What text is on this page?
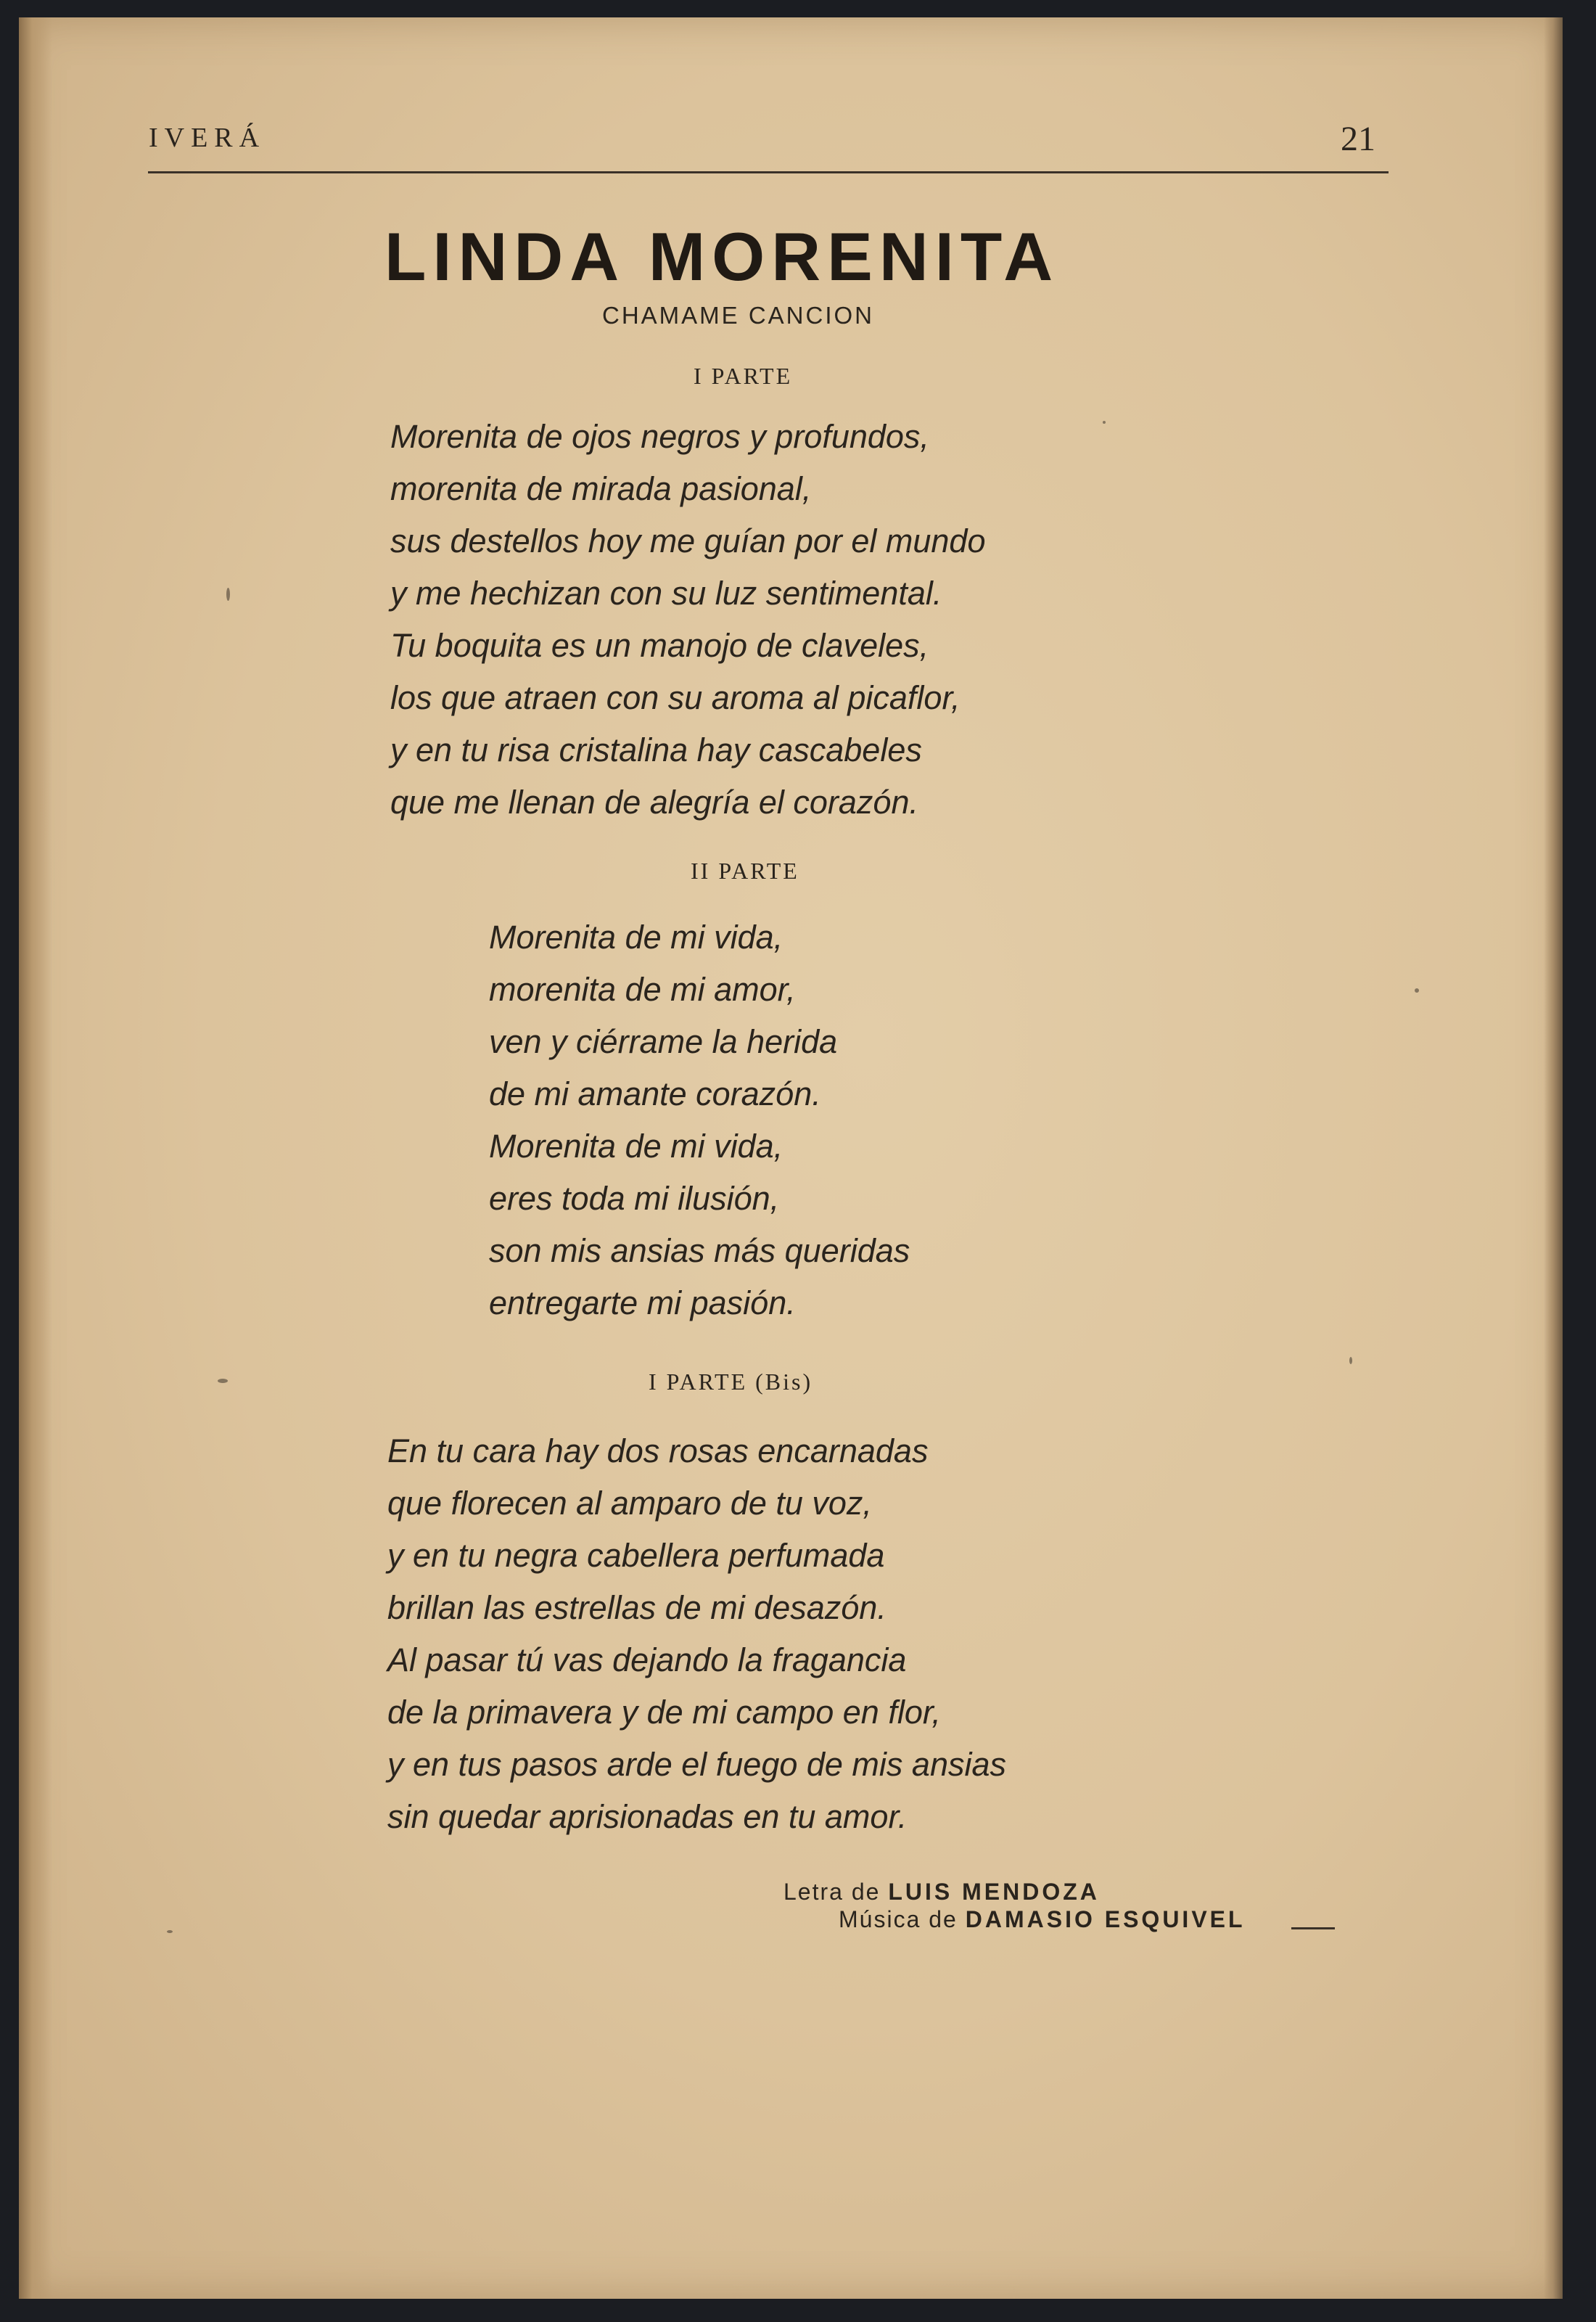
IVERÁ	21
LINDA MORENITA
CHAMAME CANCION
I PARTE
Morenita de ojos negros y profundos,
morenita de mirada pasional,
sus destellos hoy me guían por el mundo
y me hechizan con su luz sentimental.
Tu boquita es un manojo de claveles,
los que atraen con su aroma al picaflor,
y en tu risa cristalina hay cascabeles
que me llenan de alegría el corazón.
II PARTE
Morenita de mi vida,
morenita de mi amor,
ven y ciérrame la herida
de mi amante corazón.
Morenita de mi vida,
eres toda mi ilusión,
son mis ansias más queridas
entregarte mi pasión.
I PARTE (Bis)
En tu cara hay dos rosas encarnadas
que florecen al amparo de tu voz,
y en tu negra cabellera perfumada
brillan las estrellas de mi desazón.
Al pasar tú vas dejando la fragancia
de la primavera y de mi campo en flor,
y en tus pasos arde el fuego de mis ansias
sin quedar aprisionadas en tu amor.
Letra de LUIS MENDOZA
Música de DAMASIO ESQUIVEL
